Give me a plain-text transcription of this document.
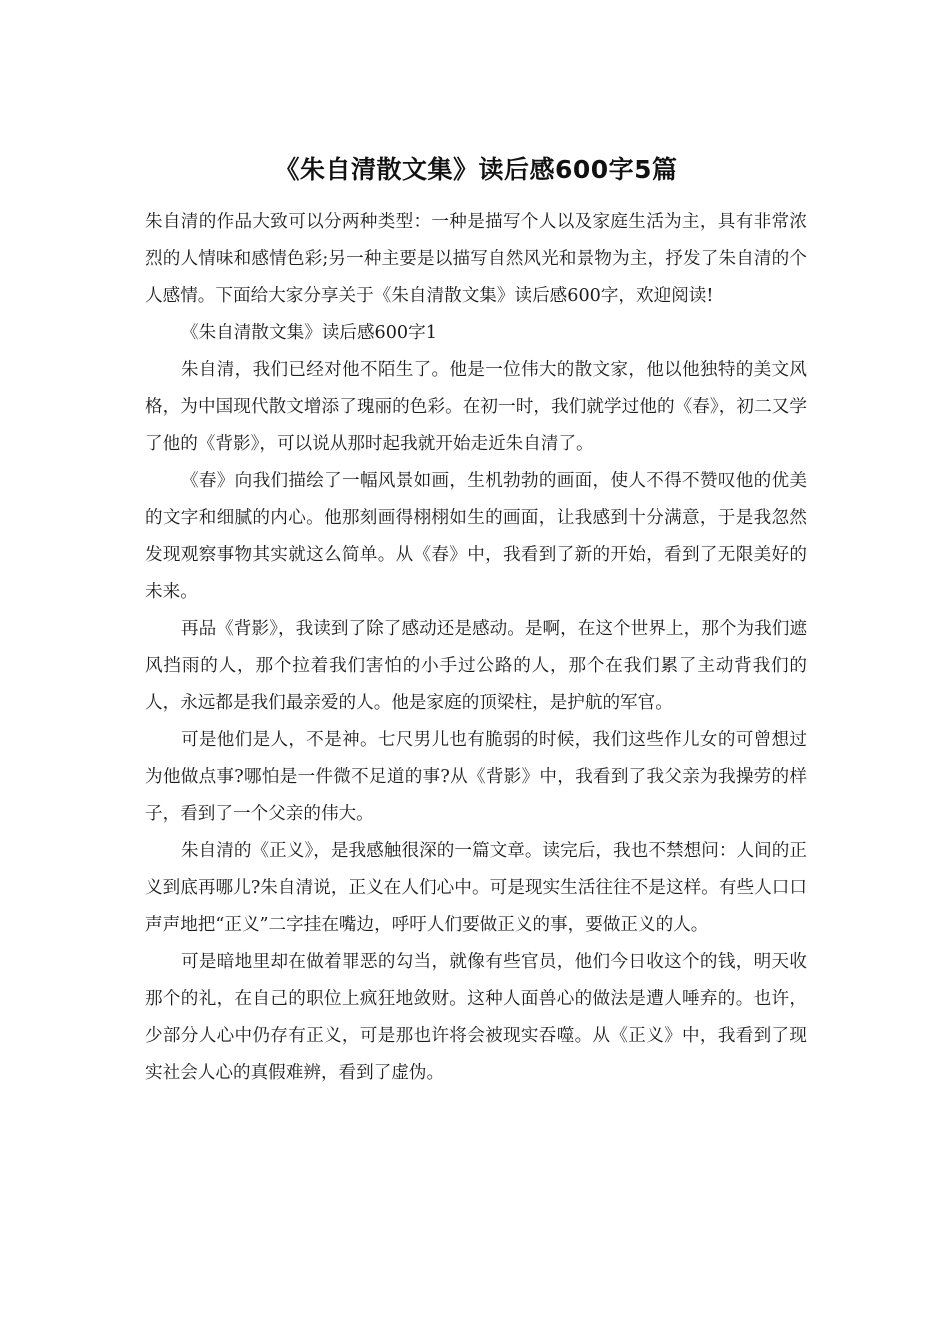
《朱自清散文集》读后感600字5篇

朱自清的作品大致可以分两种类型：一种是描写个人以及家庭生活为主，具有非常浓烈的人情味和感情色彩;另一种主要是以描写自然风光和景物为主，抒发了朱自清的个人感情。下面给大家分享关于《朱自清散文集》读后感600字，欢迎阅读!

《朱自清散文集》读后感600字1

朱自清，我们已经对他不陌生了。他是一位伟大的散文家，他以他独特的美文风格，为中国现代散文增添了瑰丽的色彩。在初一时，我们就学过他的《春》，初二又学了他的《背影》，可以说从那时起我就开始走近朱自清了。

《春》向我们描绘了一幅风景如画，生机勃勃的画面，使人不得不赞叹他的优美的文字和细腻的内心。他那刻画得栩栩如生的画面，让我感到十分满意，于是我忽然发现观察事物其实就这么简单。从《春》中，我看到了新的开始，看到了无限美好的未来。

再品《背影》，我读到了除了感动还是感动。是啊，在这个世界上，那个为我们遮风挡雨的人，那个拉着我们害怕的小手过公路的人，那个在我们累了主动背我们的人，永远都是我们最亲爱的人。他是家庭的顶梁柱，是护航的军官。

可是他们是人，不是神。七尺男儿也有脆弱的时候，我们这些作儿女的可曾想过为他做点事?哪怕是一件微不足道的事?从《背影》中，我看到了我父亲为我操劳的样子，看到了一个父亲的伟大。

朱自清的《正义》，是我感触很深的一篇文章。读完后，我也不禁想问：人间的正义到底再哪儿?朱自清说，正义在人们心中。可是现实生活往往不是这样。有些人口口声声地把“正义”二字挂在嘴边，呼吁人们要做正义的事，要做正义的人。

可是暗地里却在做着罪恶的勾当，就像有些官员，他们今日收这个的钱，明天收那个的礼，在自己的职位上疯狂地敛财。这种人面兽心的做法是遭人唾弃的。也许，少部分人心中仍存有正义，可是那也许将会被现实吞噬。从《正义》中，我看到了现实社会人心的真假难辨，看到了虚伪。
